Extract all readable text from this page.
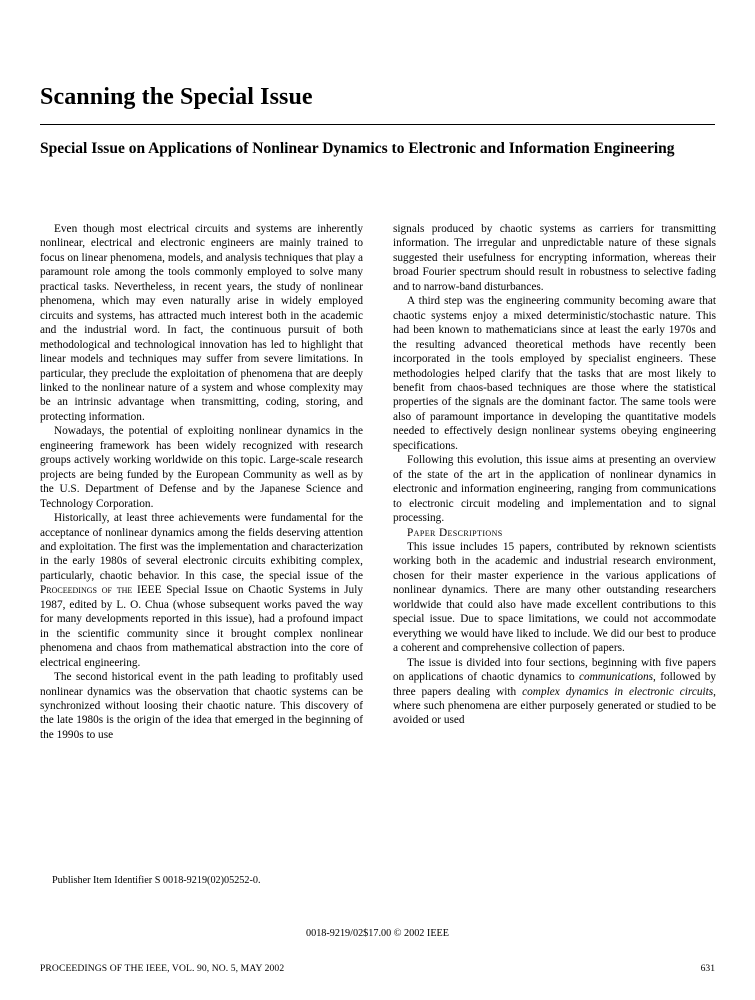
Scanning the Special Issue
Special Issue on Applications of Nonlinear Dynamics to Electronic and Information Engineering

Even though most electrical circuits and systems are inherently nonlinear, electrical and electronic engineers are mainly trained to focus on linear phenomena, models, and analysis techniques that play a paramount role among the tools commonly employed to solve many practical tasks. Nevertheless, in recent years, the study of nonlinear phenomena, which may even naturally arise in widely employed circuits and systems, has attracted much interest both in the academic and the industrial word. In fact, the continuous pursuit of both methodological and technological innovation has led to highlight that linear models and techniques may suffer from severe limitations. In particular, they preclude the exploitation of phenomena that are deeply linked to the nonlinear nature of a system and whose complexity may be an intrinsic advantage when transmitting, coding, storing, and protecting information.

Nowadays, the potential of exploiting nonlinear dynamics in the engineering framework has been widely recognized with research groups actively working worldwide on this topic. Large-scale research projects are being funded by the European Community as well as by the U.S. Department of Defense and by the Japanese Science and Technology Corporation.

Historically, at least three achievements were fundamental for the acceptance of nonlinear dynamics among the fields deserving attention and exploitation. The first was the implementation and characterization in the early 1980s of several electronic circuits exhibiting complex, particularly, chaotic behavior. In this case, the special issue of the Proceedings of the IEEE Special Issue on Chaotic Systems in July 1987, edited by L. O. Chua (whose subsequent works paved the way for many developments reported in this issue), had a profound impact in the scientific community since it brought complex nonlinear phenomena and chaos from mathematical abstraction into the core of electrical engineering.

The second historical event in the path leading to profitably used nonlinear dynamics was the observation that chaotic systems can be synchronized without loosing their chaotic nature. This discovery of the late 1980s is the origin of the idea that emerged in the beginning of the 1990s to use

signals produced by chaotic systems as carriers for transmitting information. The irregular and unpredictable nature of these signals suggested their usefulness for encrypting information, whereas their broad Fourier spectrum should result in robustness to selective fading and to narrow-band disturbances.

A third step was the engineering community becoming aware that chaotic systems enjoy a mixed deterministic/stochastic nature. This had been known to mathematicians since at least the early 1970s and the resulting advanced theoretical methods have recently been incorporated in the tools employed by specialist engineers. These methodologies helped clarify that the tasks that are most likely to benefit from chaos-based techniques are those where the statistical properties of the signals are the dominant factor. The same tools were also of paramount importance in developing the quantitative models needed to effectively design nonlinear systems obeying engineering specifications.

Following this evolution, this issue aims at presenting an overview of the state of the art in the application of nonlinear dynamics in electronic and information engineering, ranging from communications to electronic circuit modeling and implementation and to signal processing.

Paper Descriptions

This issue includes 15 papers, contributed by reknown scientists working both in the academic and industrial research environment, chosen for their master experience in the various applications of nonlinear dynamics. There are many other outstanding researchers worldwide that could also have made excellent contributions to this special issue. Due to space limitations, we could not accommodate everything we would have liked to include. We did our best to produce a coherent and comprehensive collection of papers.

The issue is divided into four sections, beginning with five papers on applications of chaotic dynamics to communications, followed by three papers dealing with complex dynamics in electronic circuits, where such phenomena are either purposely generated or studied to be avoided or used

Publisher Item Identifier S 0018-9219(02)05252-0.
0018-9219/02$17.00 © 2002 IEEE
PROCEEDINGS OF THE IEEE, VOL. 90, NO. 5, MAY 2002	631
